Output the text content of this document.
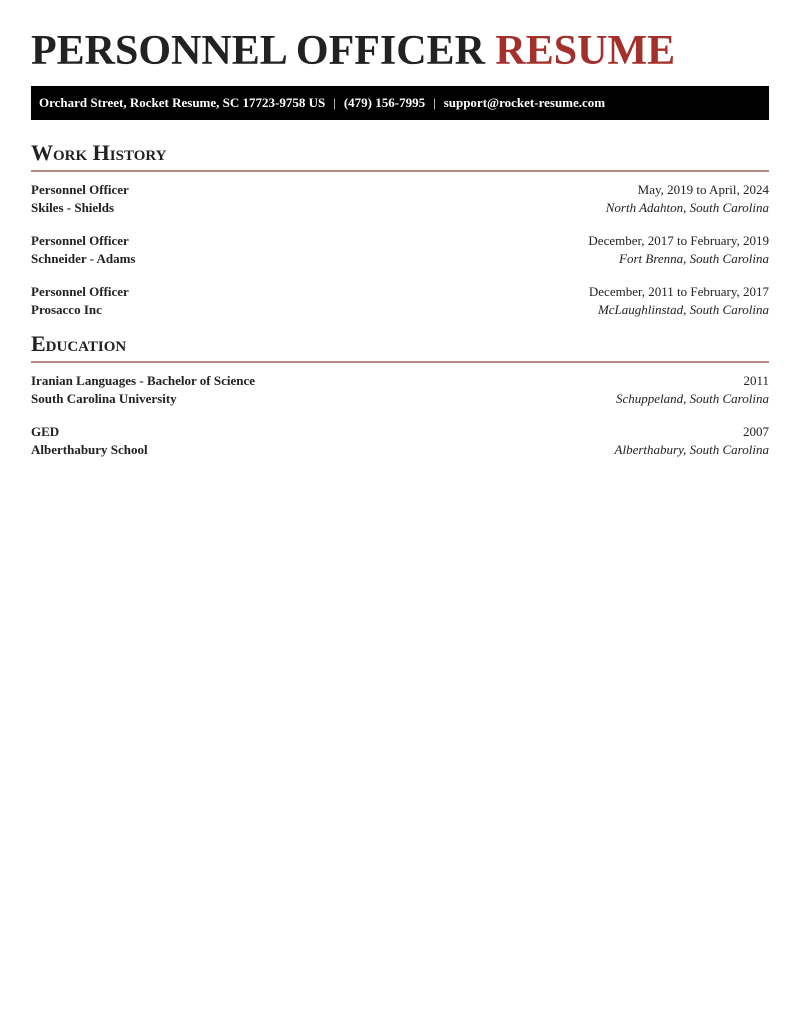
PERSONNEL OFFICER RESUME
Orchard Street, Rocket Resume, SC 17723-9758 US | (479) 156-7995 | support@rocket-resume.com
Work History
Personnel Officer	May, 2019 to April, 2024
Skiles - Shields	North Adahton, South Carolina
Personnel Officer	December, 2017 to February, 2019
Schneider - Adams	Fort Brenna, South Carolina
Personnel Officer	December, 2011 to February, 2017
Prosacco Inc	McLaughlinstad, South Carolina
Education
Iranian Languages - Bachelor of Science	2011
South Carolina University	Schuppeland, South Carolina
GED	2007
Alberthabury School	Alberthabury, South Carolina
